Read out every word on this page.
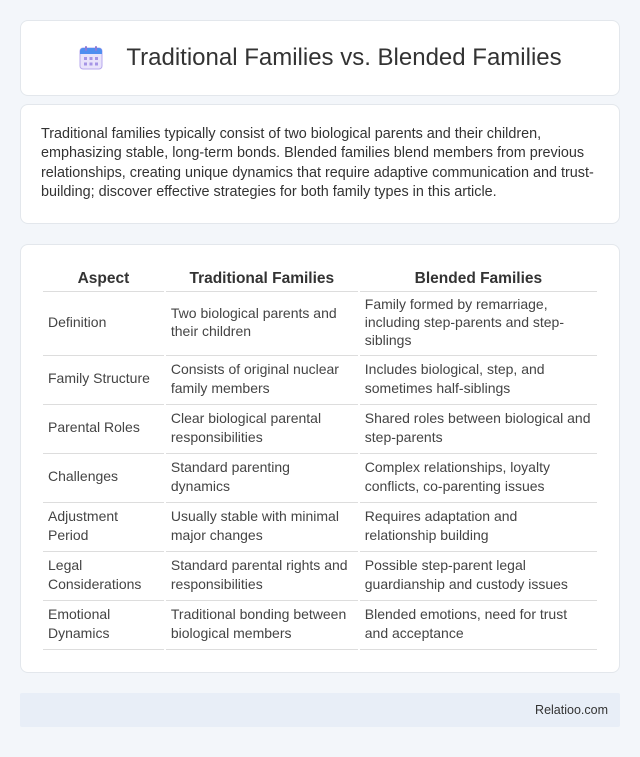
Traditional Families vs. Blended Families

Traditional families typically consist of two biological parents and their children, emphasizing stable, long-term bonds. Blended families blend members from previous relationships, creating unique dynamics that require adaptive communication and trust-building; discover effective strategies for both family types in this article.

Aspect	Traditional Families	Blended Families
Definition	Two biological parents and their children	Family formed by remarriage, including step-parents and step-siblings
Family Structure	Consists of original nuclear family members	Includes biological, step, and sometimes half-siblings
Parental Roles	Clear biological parental responsibilities	Shared roles between biological and step-parents
Challenges	Standard parenting dynamics	Complex relationships, loyalty conflicts, co-parenting issues
Adjustment Period	Usually stable with minimal major changes	Requires adaptation and relationship building
Legal Considerations	Standard parental rights and responsibilities	Possible step-parent legal guardianship and custody issues
Emotional Dynamics	Traditional bonding between biological members	Blended emotions, need for trust and acceptance
Relatioo.com
